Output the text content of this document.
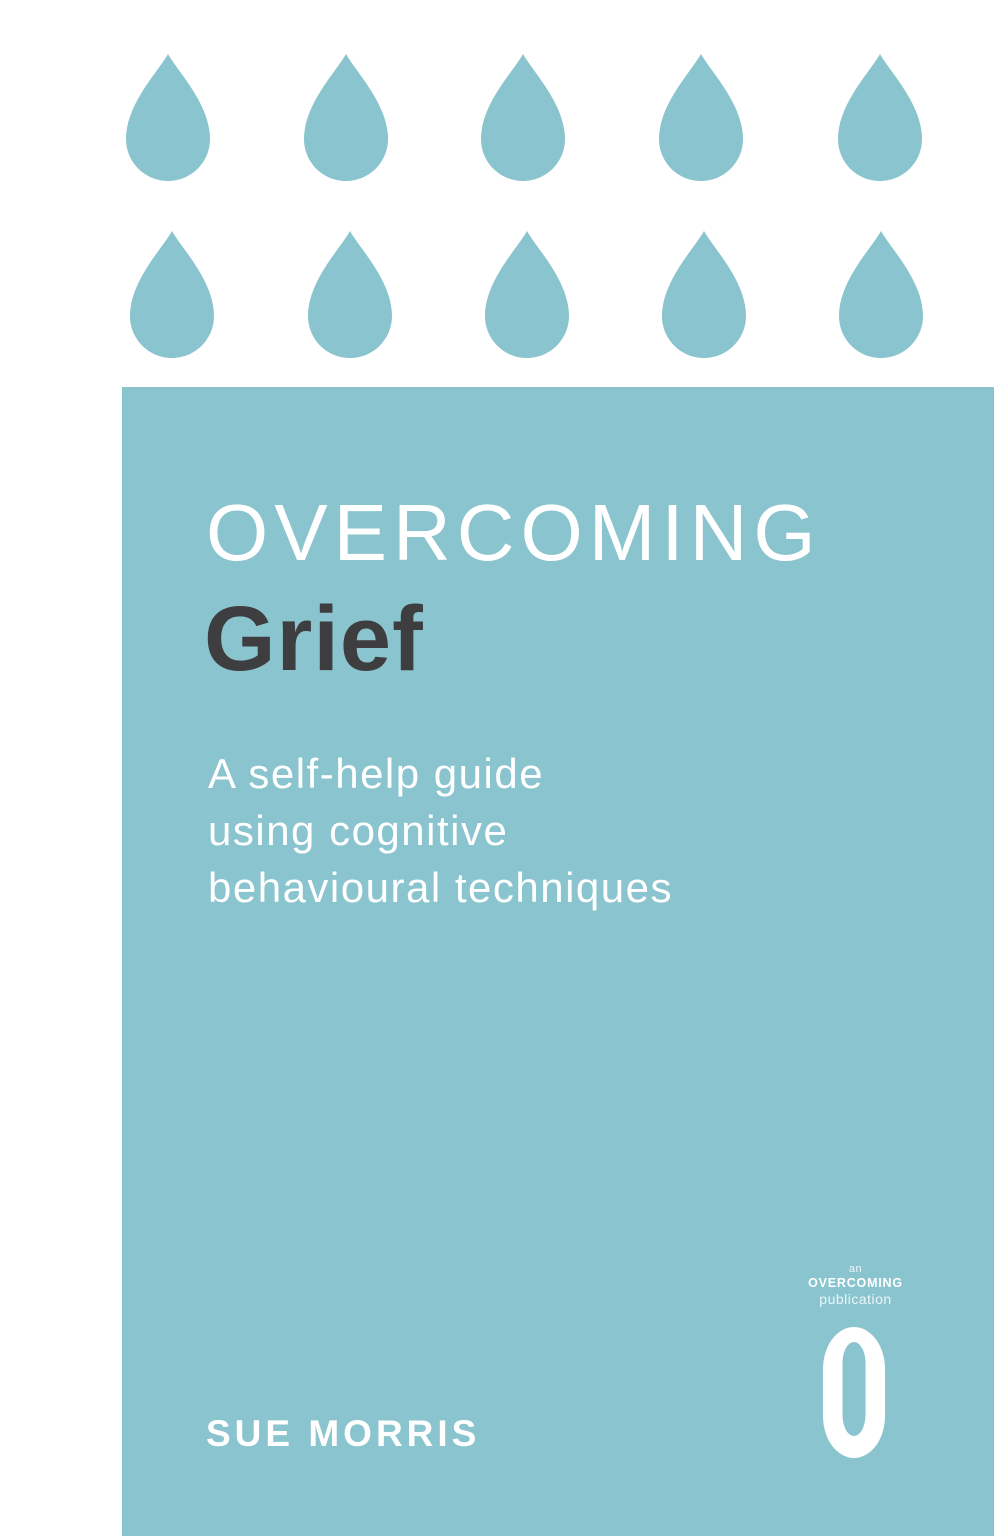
OVERCOMING
Grief
A self-help guide
using cognitive
behavioural techniques
an
OVERCOMING
publication
SUE MORRIS
